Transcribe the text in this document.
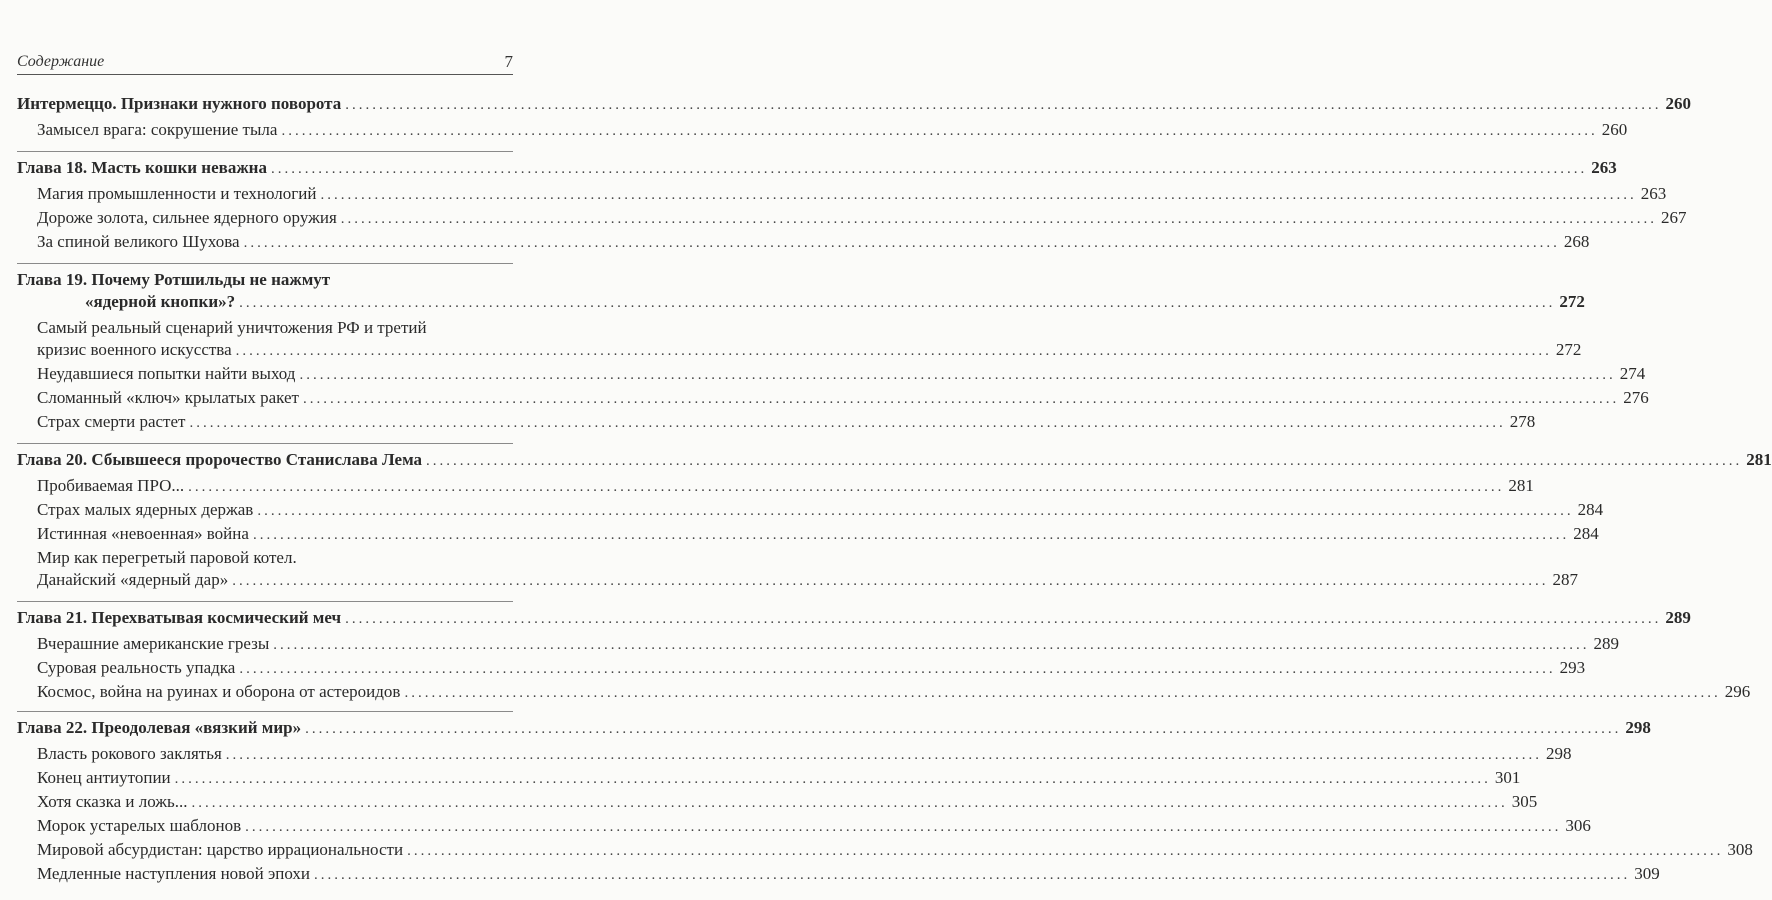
Содержание	7
Интермеццо. Признаки нужного поворота ................................................................................................................................................................................................... 260
Замысел врага: сокрушение тыла ................................................................................................................................................................................................... 260
Глава 18. Масть кошки неважна ................................................................................................................................................................................................... 263
Магия промышленности и технологий ................................................................................................................................................................................................... 263
Дороже золота, сильнее ядерного оружия ................................................................................................................................................................................................... 267
За спиной великого Шухова ................................................................................................................................................................................................... 268
Глава 19. Почему Ротшильды не нажмут
«ядерной кнопки»? ................................................................................................................................................................................................... 272
Самый реальный сценарий уничтожения РФ и третий
кризис военного искусства ................................................................................................................................................................................................... 272
Неудавшиеся попытки найти выход ................................................................................................................................................................................................... 274
Сломанный «ключ» крылатых ракет ................................................................................................................................................................................................... 276
Страх смерти растет ................................................................................................................................................................................................... 278
Глава 20. Сбывшееся пророчество Станислава Лема ................................................................................................................................................................................................... 281
Пробиваемая ПРО... ................................................................................................................................................................................................... 281
Страх малых ядерных держав ................................................................................................................................................................................................... 284
Истинная «невоенная» война ................................................................................................................................................................................................... 284
Мир как перегретый паровой котел.
Данайский «ядерный дар» ................................................................................................................................................................................................... 287
Глава 21. Перехватывая космический меч ................................................................................................................................................................................................... 289
Вчерашние американские грезы ................................................................................................................................................................................................... 289
Суровая реальность упадка ................................................................................................................................................................................................... 293
Космос, война на руинах и оборона от астероидов ................................................................................................................................................................................................... 296
Глава 22. Преодолевая «вязкий мир» ................................................................................................................................................................................................... 298
Власть рокового заклятья ................................................................................................................................................................................................... 298
Конец антиутопии ................................................................................................................................................................................................... 301
Хотя сказка и ложь... ................................................................................................................................................................................................... 305
Морок устарелых шаблонов ................................................................................................................................................................................................... 306
Мировой абсурдистан: царство иррациональности ................................................................................................................................................................................................... 308
Медленные наступления новой эпохи ................................................................................................................................................................................................... 309
